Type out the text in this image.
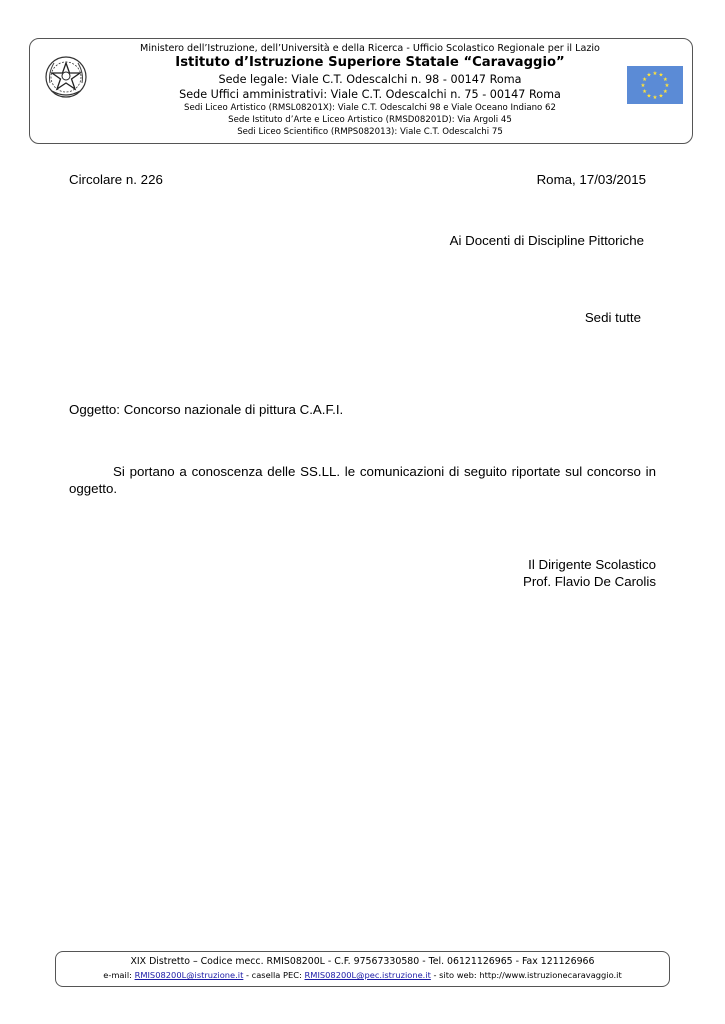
Ministero dell’Istruzione, dell’Università e della Ricerca - Ufficio Scolastico Regionale per il Lazio
Istituto d’Istruzione Superiore Statale “Caravaggio”
Sede legale: Viale C.T. Odescalchi n. 98 - 00147 Roma
Sede Uffici amministrativi: Viale C.T. Odescalchi n. 75 - 00147 Roma
Sedi Liceo Artistico (RMSL08201X): Viale C.T. Odescalchi 98 e Viale Oceano Indiano 62
Sede Istituto d’Arte e Liceo Artistico (RMSD08201D): Via Argoli 45
Sedi Liceo Scientifico (RMPS082013): Viale C.T. Odescalchi 75
★ ★
★
★
★
★
★
★
★
★
★
★
Circolare n. 226	Roma, 17/03/2015
Ai Docenti di Discipline Pittoriche
Sedi tutte
Oggetto: Concorso nazionale di pittura C.A.F.I.
Si portano a conoscenza delle SS.LL. le comunicazioni di seguito riportate sul concorso in oggetto.
Il Dirigente Scolastico
Prof. Flavio De Carolis
XIX Distretto – Codice mecc. RMIS08200L - C.F. 97567330580 - Tel. 06121126965 - Fax 121126966
e-mail: RMIS08200L@istruzione.it - casella PEC: RMIS08200L@pec.istruzione.it - sito web: http://www.istruzionecaravaggio.it
